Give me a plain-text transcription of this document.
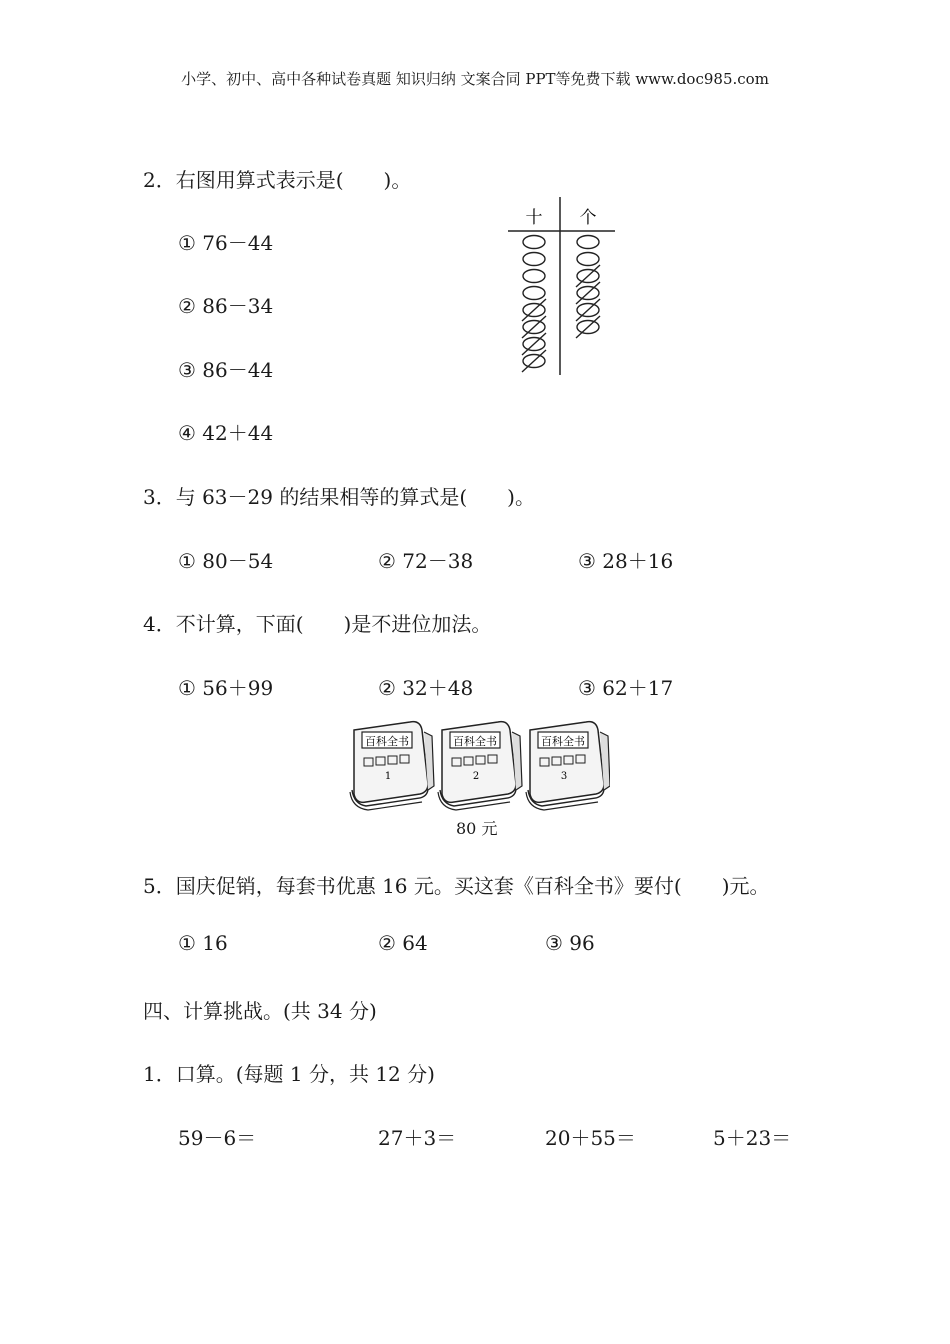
小学、初中、高中各种试卷真题 知识归纳 文案合同 PPT等免费下载 www.doc985.com
2．右图用算式表示是(　　)。
① 76－44
② 86－34
③ 86－44
④ 42＋44
十 个
3．与 63－29 的结果相等的算式是(　　)。
① 80－54	② 72－38	③ 28＋16
4．不计算，下面(　　)是不进位加法。
① 56＋99	② 32＋48	③ 62＋17
百科全书
1
百科全书
2
百科全书
3
80 元
5．国庆促销，每套书优惠 16 元。买这套《百科全书》要付(　　)元。
① 16	② 64	③ 96
四、计算挑战。(共 34 分)
1．口算。(每题 1 分，共 12 分)
59－6＝	27＋3＝	20＋55＝	5＋23＝
